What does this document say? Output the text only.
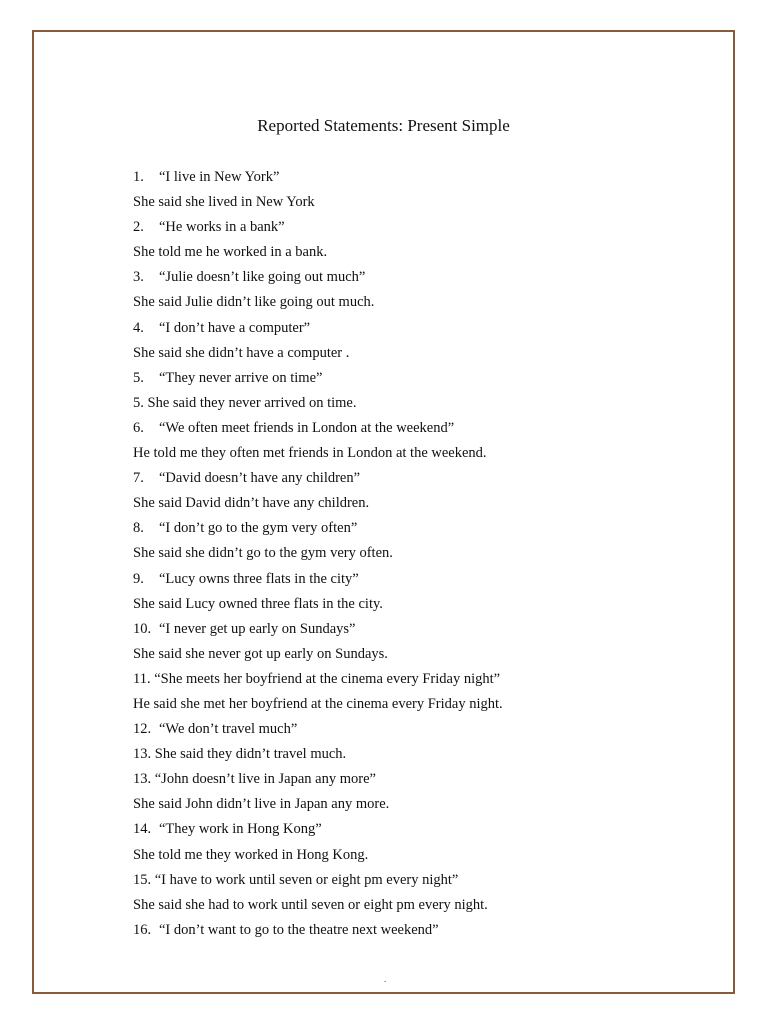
Reported Statements: Present Simple
1. “I live in New York”
She said she lived in New York
2. “He works in a bank”
She told me he worked in a bank.
3. “Julie doesn’t like going out much”
She said Julie didn’t like going out much.
4. “I don’t have a computer”
She said she didn’t have a computer .
5. “They never arrive on time”
5. She said they never arrived on time.
6. “We often meet friends in London at the weekend”
He told me they often met friends in London at the weekend.
7. “David doesn’t have any children”
She said David didn’t have any children.
8. “I don’t go to the gym very often”
She said she didn’t go to the gym very often.
9. “Lucy owns three flats in the city”
She said Lucy owned three flats in the city.
10. “I never get up early on Sundays”
She said she never got up early on Sundays.
11. “She meets her boyfriend at the cinema every Friday night”
He said she met her boyfriend at the cinema every Friday night.
12. “We don’t travel much”
13. She said they didn’t travel much.
13. “John doesn’t live in Japan any more”
She said John didn’t live in Japan any more.
14. “They work in Hong Kong”
She told me they worked in Hong Kong.
15. “I have to work until seven or eight pm every night”
She said she had to work until seven or eight pm every night.
16. “I don’t want to go to the theatre next weekend”
.
